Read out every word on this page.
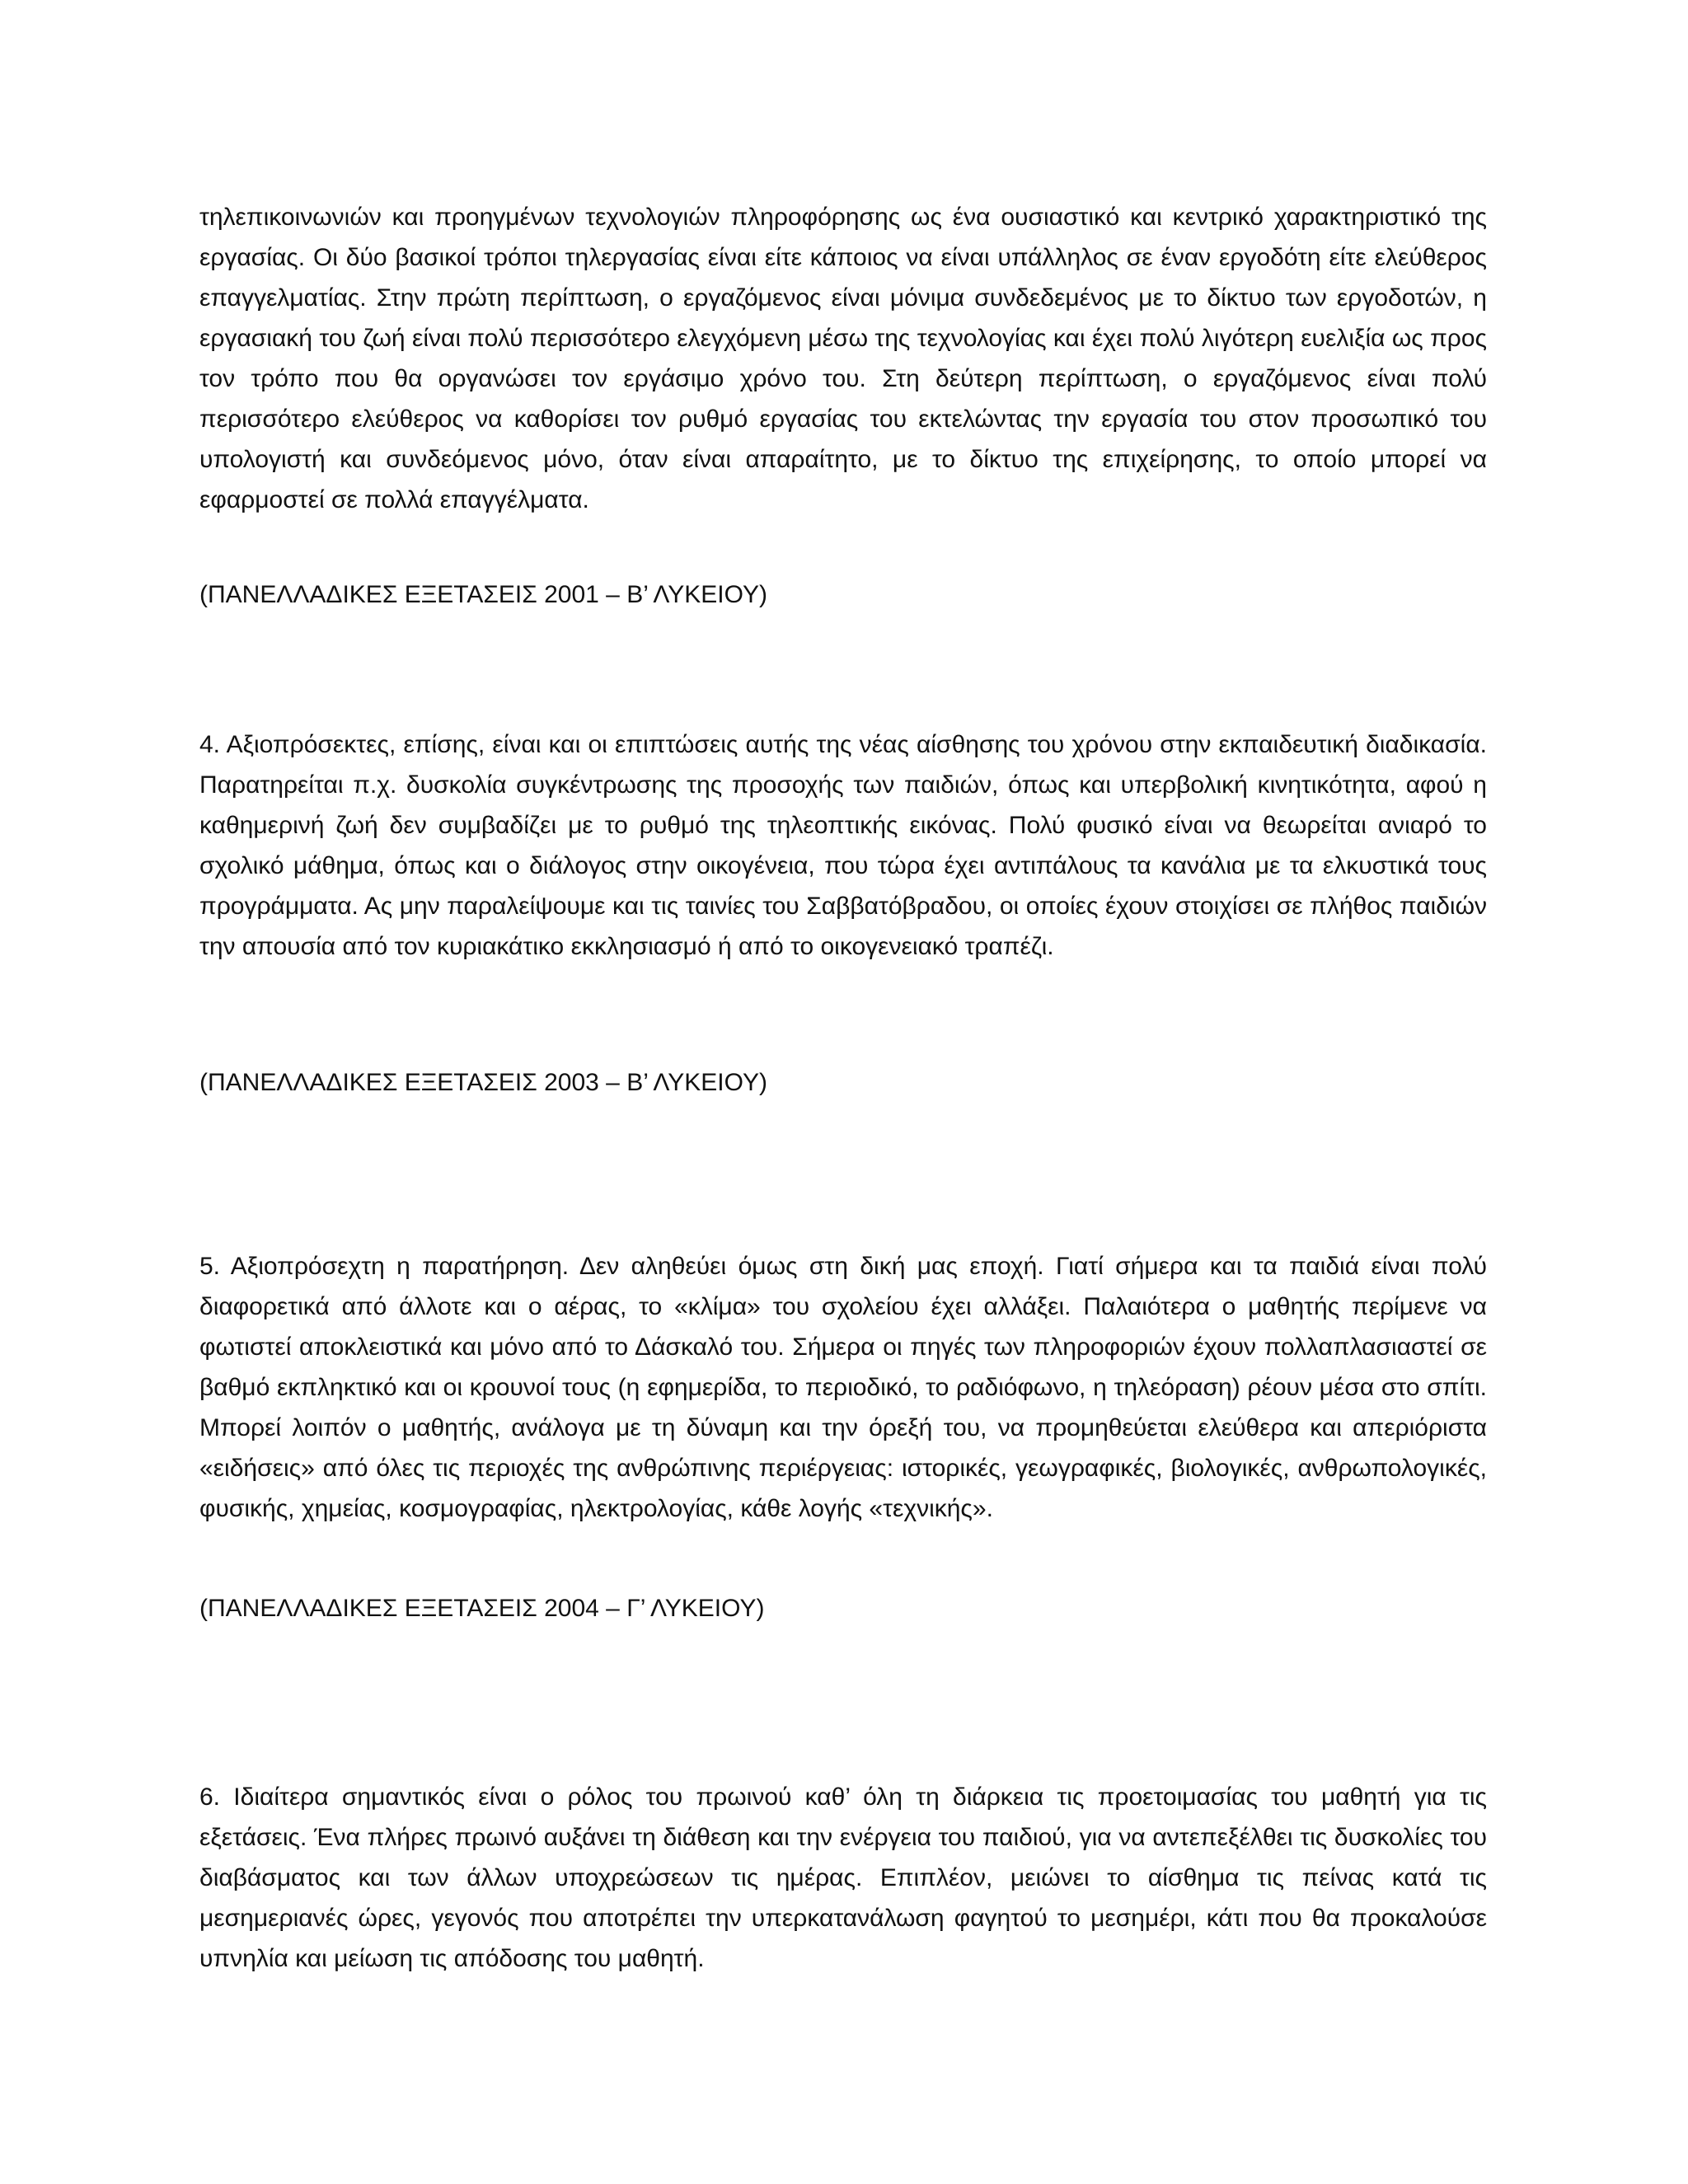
τηλεπικοινωνιών και προηγμένων τεχνολογιών πληροφόρησης ως ένα ουσιαστικό και κεντρικό χαρακτηριστικό της εργασίας. Οι δύο βασικοί τρόποι τηλεργασίας είναι είτε κάποιος να είναι υπάλληλος σε έναν εργοδότη είτε ελεύθερος επαγγελματίας. Στην πρώτη περίπτωση, ο εργαζόμενος είναι μόνιμα συνδεδεμένος με το δίκτυο των εργοδοτών, η εργασιακή του ζωή είναι πολύ περισσότερο ελεγχόμενη μέσω της τεχνολογίας και έχει πολύ λιγότερη ευελιξία ως προς τον τρόπο που θα οργανώσει τον εργάσιμο χρόνο του. Στη δεύτερη περίπτωση, ο εργαζόμενος είναι πολύ περισσότερο ελεύθερος να καθορίσει τον ρυθμό εργασίας του εκτελώντας την εργασία του στον προσωπικό του υπολογιστή και συνδεόμενος μόνο, όταν είναι απαραίτητο, με το δίκτυο της επιχείρησης, το οποίο μπορεί να εφαρμοστεί σε πολλά επαγγέλματα.

(ΠΑΝΕΛΛΑΔΙΚΕΣ ΕΞΕΤΑΣΕΙΣ 2001 – Β’ ΛΥΚΕΙΟΥ)

4. Αξιοπρόσεκτες, επίσης, είναι και οι επιπτώσεις αυτής της νέας αίσθησης του χρόνου στην εκπαιδευτική διαδικασία. Παρατηρείται π.χ. δυσκολία συγκέντρωσης της προσοχής των παιδιών, όπως και υπερβολική κινητικότητα, αφού η καθημερινή ζωή δεν συμβαδίζει με το ρυθμό της τηλεοπτικής εικόνας. Πολύ φυσικό είναι να θεωρείται ανιαρό το σχολικό μάθημα, όπως και ο διάλογος στην οικογένεια, που τώρα έχει αντιπάλους τα κανάλια με τα ελκυστικά τους προγράμματα. Ας μην παραλείψουμε και τις ταινίες του Σαββατόβραδου, οι οποίες έχουν στοιχίσει σε πλήθος παιδιών την απουσία από τον κυριακάτικο εκκλησιασμό ή από το οικογενειακό τραπέζι.

(ΠΑΝΕΛΛΑΔΙΚΕΣ ΕΞΕΤΑΣΕΙΣ 2003 – Β’ ΛΥΚΕΙΟΥ)

5. Αξιοπρόσεχτη η παρατήρηση. Δεν αληθεύει όμως στη δική μας εποχή. Γιατί σήμερα και τα παιδιά είναι πολύ διαφορετικά από άλλοτε και ο αέρας, το «κλίμα» του σχολείου έχει αλλάξει. Παλαιότερα ο μαθητής περίμενε να φωτιστεί αποκλειστικά και μόνο από το Δάσκαλό του. Σήμερα οι πηγές των πληροφοριών έχουν πολλαπλασιαστεί σε βαθμό εκπληκτικό και οι κρουνοί τους (η εφημερίδα, το περιοδικό, το ραδιόφωνο, η τηλεόραση) ρέουν μέσα στο σπίτι. Μπορεί λοιπόν ο μαθητής, ανάλογα με τη δύναμη και την όρεξή του, να προμηθεύεται ελεύθερα και απεριόριστα «ειδήσεις» από όλες τις περιοχές της ανθρώπινης περιέργειας: ιστορικές, γεωγραφικές, βιολογικές, ανθρωπολογικές, φυσικής, χημείας, κοσμογραφίας, ηλεκτρολογίας, κάθε λογής «τεχνικής».

(ΠΑΝΕΛΛΑΔΙΚΕΣ ΕΞΕΤΑΣΕΙΣ 2004 – Γ’ ΛΥΚΕΙΟΥ)

6. Ιδιαίτερα σημαντικός είναι ο ρόλος του πρωινού καθ’ όλη τη διάρκεια τις προετοιμασίας του μαθητή για τις εξετάσεις. Ένα πλήρες πρωινό αυξάνει τη διάθεση και την ενέργεια του παιδιού, για να αντεπεξέλθει τις δυσκολίες του διαβάσματος και των άλλων υποχρεώσεων τις ημέρας. Επιπλέον, μειώνει το αίσθημα τις πείνας κατά τις μεσημεριανές ώρες, γεγονός που αποτρέπει την υπερκατανάλωση φαγητού το μεσημέρι, κάτι που θα προκαλούσε υπνηλία και μείωση τις απόδοσης του μαθητή.
